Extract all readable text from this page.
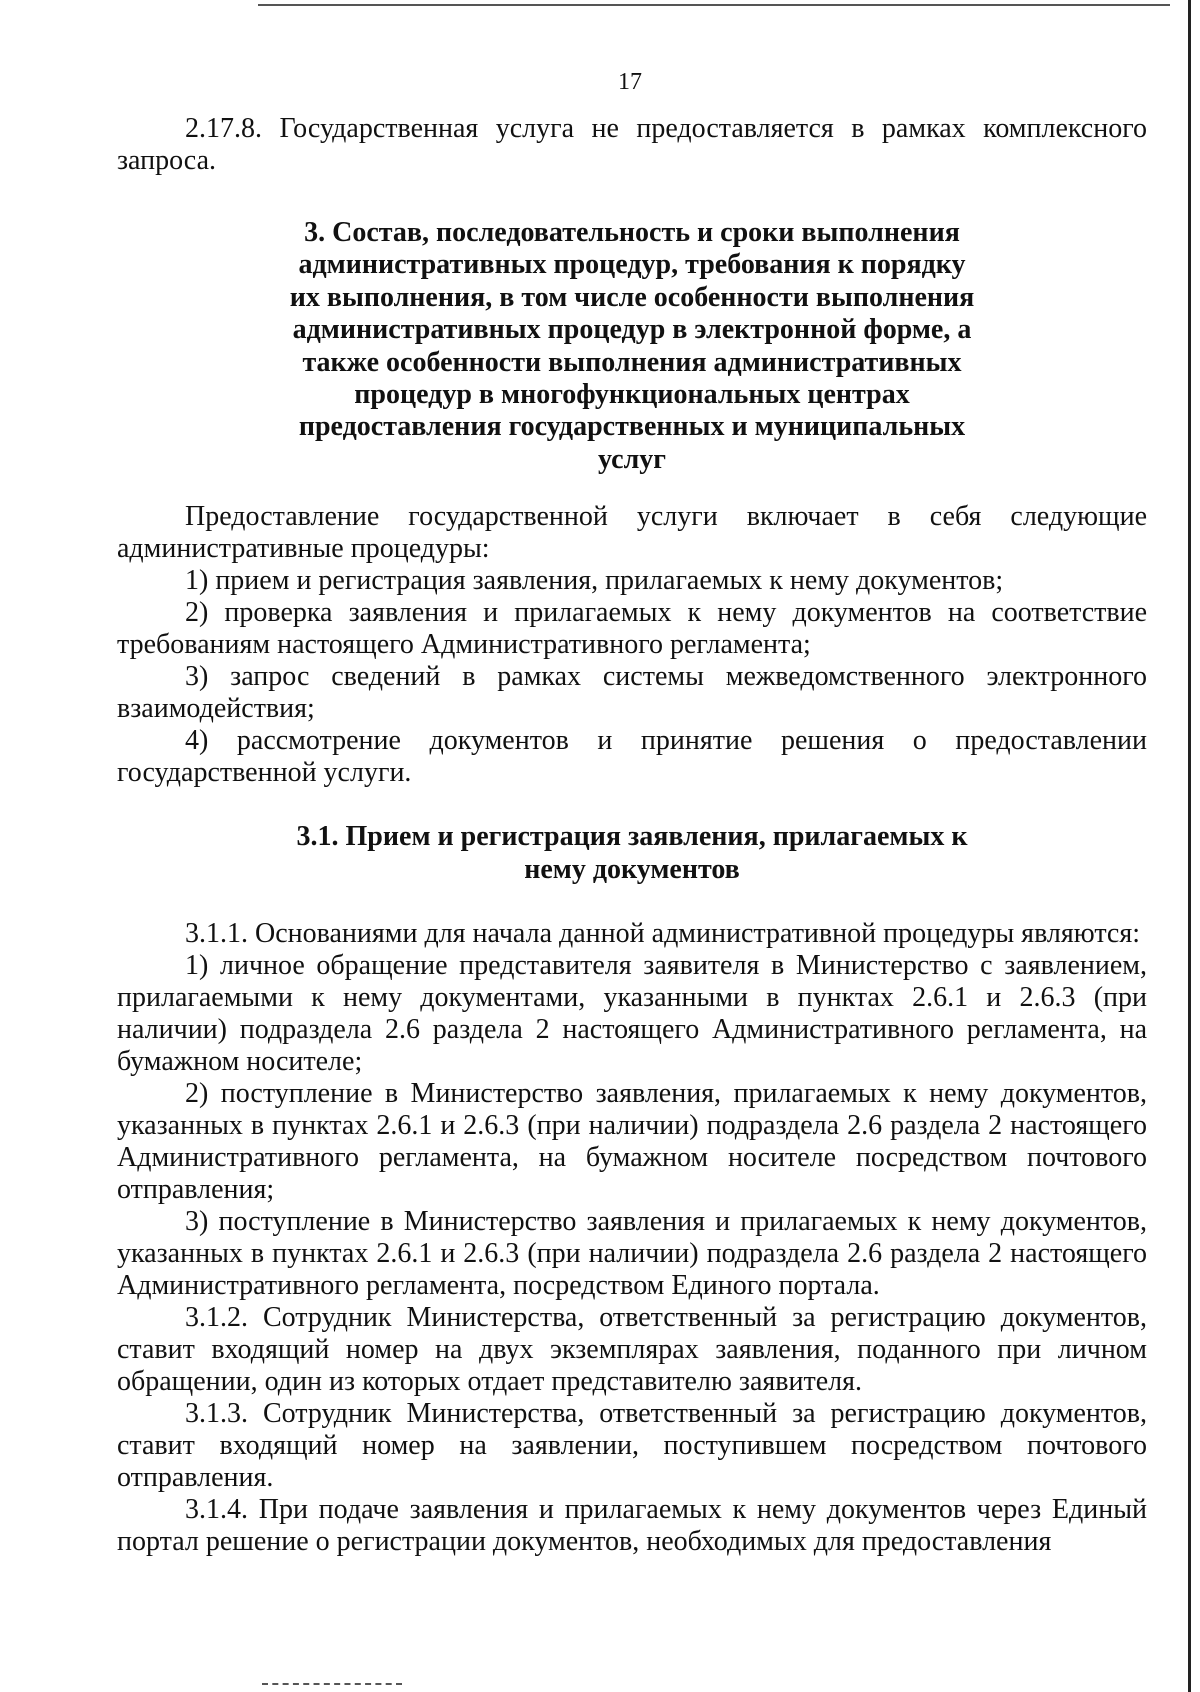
17

2.17.8. Государственная услуга не предоставляется в рамках комплексного запроса.

3. Состав, последовательность и сроки выполнения административных процедур, требования к порядку их выполнения, в том числе особенности выполнения административных процедур в электронной форме, а также особенности выполнения административных процедур в многофункциональных центрах предоставления государственных и муниципальных услуг

Предоставление государственной услуги включает в себя следующие административные процедуры:

1) прием и регистрация заявления, прилагаемых к нему документов;

2) проверка заявления и прилагаемых к нему документов на соответствие требованиям настоящего Административного регламента;

3) запрос сведений в рамках системы межведомственного электронного взаимодействия;

4) рассмотрение документов и принятие решения о предоставлении государственной услуги.

3.1. Прием и регистрация заявления, прилагаемых к нему документов

3.1.1. Основаниями для начала данной административной процедуры являются:

1) личное обращение представителя заявителя в Министерство с заявлением, прилагаемыми к нему документами, указанными в пунктах 2.6.1 и 2.6.3 (при наличии) подраздела 2.6 раздела 2 настоящего Административного регламента, на бумажном носителе;

2) поступление в Министерство заявления, прилагаемых к нему документов, указанных в пунктах 2.6.1 и 2.6.3 (при наличии) подраздела 2.6 раздела 2 настоящего Административного регламента, на бумажном носителе посредством почтового отправления;

3) поступление в Министерство заявления и прилагаемых к нему документов, указанных в пунктах 2.6.1 и 2.6.3 (при наличии) подраздела 2.6 раздела 2 настоящего Административного регламента, посредством Единого портала.

3.1.2. Сотрудник Министерства, ответственный за регистрацию документов, ставит входящий номер на двух экземплярах заявления, поданного при личном обращении, один из которых отдает представителю заявителя.

3.1.3. Сотрудник Министерства, ответственный за регистрацию документов, ставит входящий номер на заявлении, поступившем посредством почтового отправления.

3.1.4. При подаче заявления и прилагаемых к нему документов через Единый портал решение о регистрации документов, необходимых для предоставления
